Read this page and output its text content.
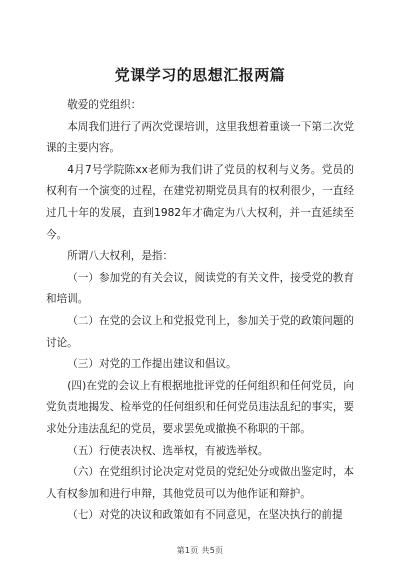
党课学习的思想汇报两篇

敬爱的党组织：

本周我们进行了两次党课培训，这里我想着重谈一下第二次党课的主要内容。

4月7号学院陈xx老师为我们讲了党员的权利与义务。党员的权利有一个演变的过程，在建党初期党员具有的权利很少，一直经过几十年的发展，直到1982年才确定为八大权利，并一直延续至今。

所谓八大权利，是指：

（一）参加党的有关会议，阅读党的有关文件，接受党的教育和培训。

（二）在党的会议上和党报党刊上，参加关于党的政策问题的讨论。

（三）对党的工作提出建议和倡议。

(四)在党的会议上有根据地批评党的任何组织和任何党员，向党负责地揭发、检举党的任何组织和任何党员违法乱纪的事实，要求处分违法乱纪的党员，要求罢免或撤换不称职的干部。

（五）行使表决权、选举权，有被选举权。

（六）在党组织讨论决定对党员的党纪处分或做出鉴定时，本人有权参加和进行申辩，其他党员可以为他作证和辩护。

（七）对党的决议和政策如有不同意见，在坚决执行的前提

第1页 共5页
